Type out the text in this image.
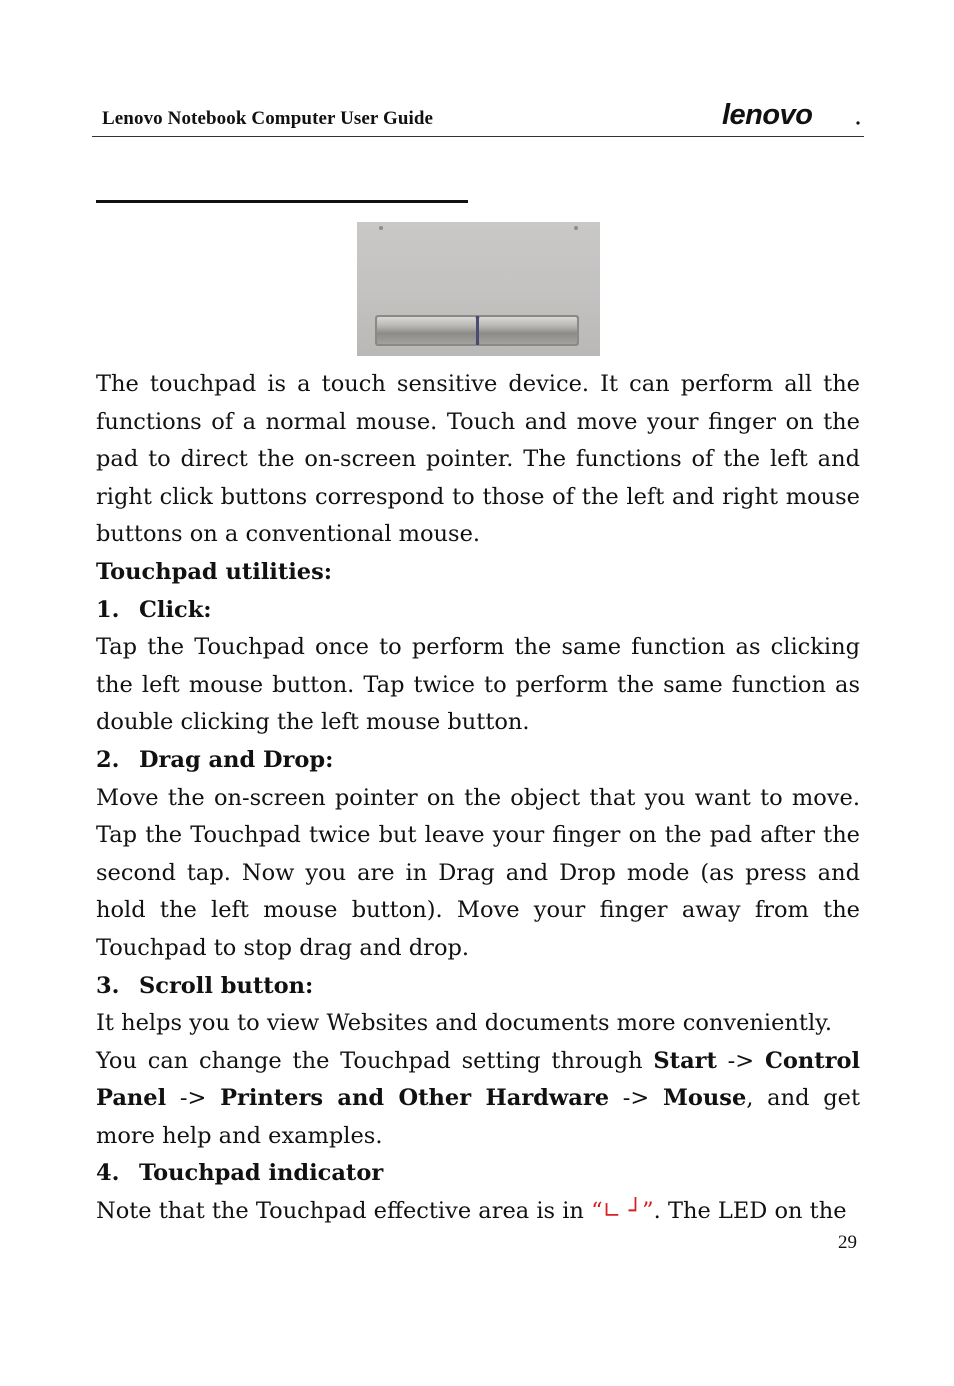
Lenovo Notebook Computer User Guide	lenovo

The touchpad is a touch sensitive device. It can perform all the functions of a normal mouse. Touch and move your finger on the pad to direct the on-screen pointer. The functions of the left and right click buttons correspond to those of the left and right mouse buttons on a conventional mouse.

Touchpad utilities:

1. Click:

Tap the Touchpad once to perform the same function as clicking the left mouse button. Tap twice to perform the same function as double clicking the left mouse button.

2. Drag and Drop:

Move the on-screen pointer on the object that you want to move. Tap the Touchpad twice but leave your finger on the pad after the second tap. Now you are in Drag and Drop mode (as press and hold the left mouse button). Move your finger away from the Touchpad to stop drag and drop.

3. Scroll button:

It helps you to view Websites and documents more conveniently.

You can change the Touchpad setting through Start -> Control Panel -> Printers and Other Hardware -> Mouse, and get more help and examples.

4. Touchpad indicator

Note that the Touchpad effective area is in “∟ ┘”. The LED on the

29
